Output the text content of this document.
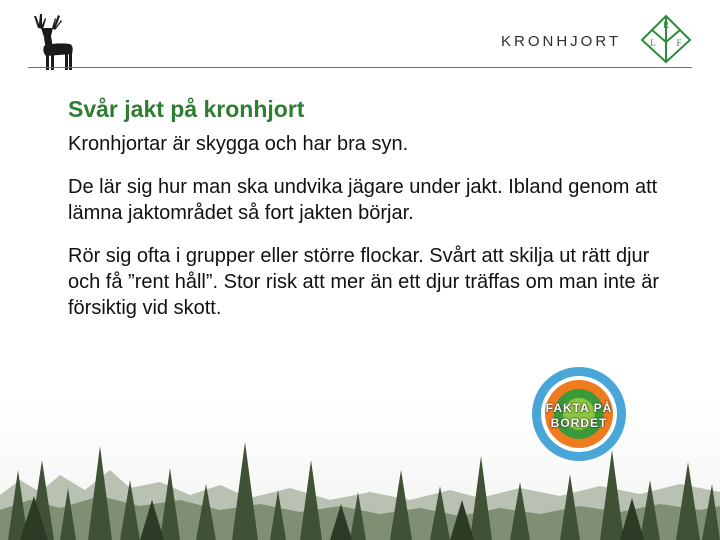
KRONHJORT
R
L F
Svår jakt på kronhjort

Kronhjortar är skygga och har bra syn.

De lär sig hur man ska undvika jägare under jakt. Ibland genom att lämna jaktområdet så fort jakten börjar.

Rör sig ofta i grupper eller större flockar. Svårt att skilja ut rätt djur och få ”rent håll”. Stor risk att mer än ett djur träffas om man inte är försiktig vid skott.

FAKTA PÅ
BORDET
